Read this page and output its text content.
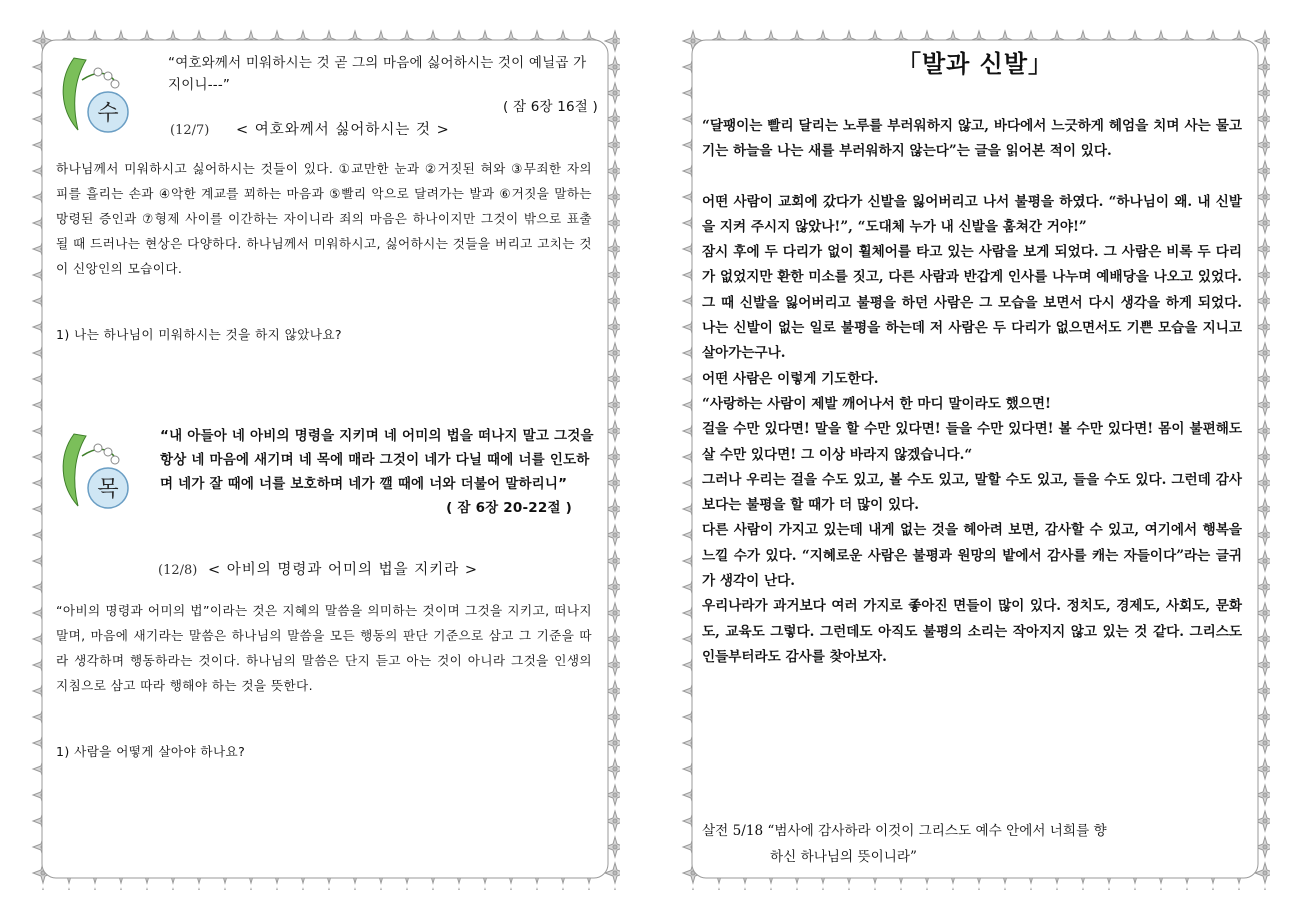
수
“여호와께서 미워하시는 것 곧 그의 마음에 싫어하시는 것이 예닐곱 가지이니---”
( 잠 6장 16절 )
(12/7) < 여호와께서 싫어하시는 것 >
하나님께서 미워하시고 싫어하시는 것들이 있다. ①교만한 눈과 ②거짓된 혀와 ③무죄한 자의 피를 흘리는 손과 ④악한 계교를 꾀하는 마음과 ⑤빨리 악으로 달려가는 발과 ⑥거짓을 말하는 망령된 증인과 ⑦형제 사이를 이간하는 자이니라 죄의 마음은 하나이지만 그것이 밖으로 표출될 때 드러나는 현상은 다양하다. 하나님께서 미워하시고, 싫어하시는 것들을 버리고 고치는 것이 신앙인의 모습이다.
1) 나는 하나님이 미워하시는 것을 하지 않았나요?
목
“내 아들아 네 아비의 명령을 지키며 네 어미의 법을 떠나지 말고 그것을 항상 네 마음에 새기며 네 목에 매라 그것이 네가 다닐 때에 너를 인도하며 네가 잘 때에 너를 보호하며 네가 깰 때에 너와 더불어 말하리니”
( 잠 6장 20-22절 )
(12/8) < 아비의 명령과 어미의 법을 지키라 >
“아비의 명령과 어미의 법”이라는 것은 지혜의 말씀을 의미하는 것이며 그것을 지키고, 떠나지 말며, 마음에 새기라는 말씀은 하나님의 말씀을 모든 행동의 판단 기준으로 삼고 그 기준을 따라 생각하며 행동하라는 것이다. 하나님의 말씀은 단지 듣고 아는 것이 아니라 그것을 인생의 지침으로 삼고 따라 행해야 하는 것을 뜻한다.
1) 사람을 어떻게 살아야 하나요?
「발과 신발」

“달팽이는 빨리 달리는 노루를 부러워하지 않고, 바다에서 느긋하게 헤엄을 치며 사는 물고기는 하늘을 나는 새를 부러워하지 않는다”는 글을 읽어본 적이 있다.

어떤 사람이 교회에 갔다가 신발을 잃어버리고 나서 불평을 하였다. “하나님이 왜. 내 신발을 지켜 주시지 않았나!”, “도대체 누가 내 신발을 훔쳐간 거야!”

잠시 후에 두 다리가 없이 휠체어를 타고 있는 사람을 보게 되었다. 그 사람은 비록 두 다리가 없었지만 환한 미소를 짓고, 다른 사람과 반갑게 인사를 나누며 예배당을 나오고 있었다. 그 때 신발을 잃어버리고 불평을 하던 사람은 그 모습을 보면서 다시 생각을 하게 되었다. 나는 신발이 없는 일로 불평을 하는데 저 사람은 두 다리가 없으면서도 기쁜 모습을 지니고 살아가는구나.

어떤 사람은 이렇게 기도한다.

“사랑하는 사람이 제발 깨어나서 한 마디 말이라도 했으면!

걸을 수만 있다면! 말을 할 수만 있다면! 들을 수만 있다면! 볼 수만 있다면! 몸이 불편해도 살 수만 있다면! 그 이상 바라지 않겠습니다.“

그러나 우리는 걸을 수도 있고, 볼 수도 있고, 말할 수도 있고, 들을 수도 있다. 그런데 감사보다는 불평을 할 때가 더 많이 있다.

다른 사람이 가지고 있는데 내게 없는 것을 헤아려 보면, 감사할 수 있고, 여기에서 행복을 느낄 수가 있다. “지혜로운 사람은 불평과 원망의 밭에서 감사를 캐는 자들이다”라는 글귀가 생각이 난다.

우리나라가 과거보다 여러 가지로 좋아진 면들이 많이 있다. 정치도, 경제도, 사회도, 문화도, 교육도 그렇다. 그런데도 아직도 불평의 소리는 작아지지 않고 있는 것 같다. 그리스도인들부터라도 감사를 찾아보자.

살전 5/18 “범사에 감사하라 이것이 그리스도 예수 안에서 너희를 향
하신 하나님의 뜻이니라”
